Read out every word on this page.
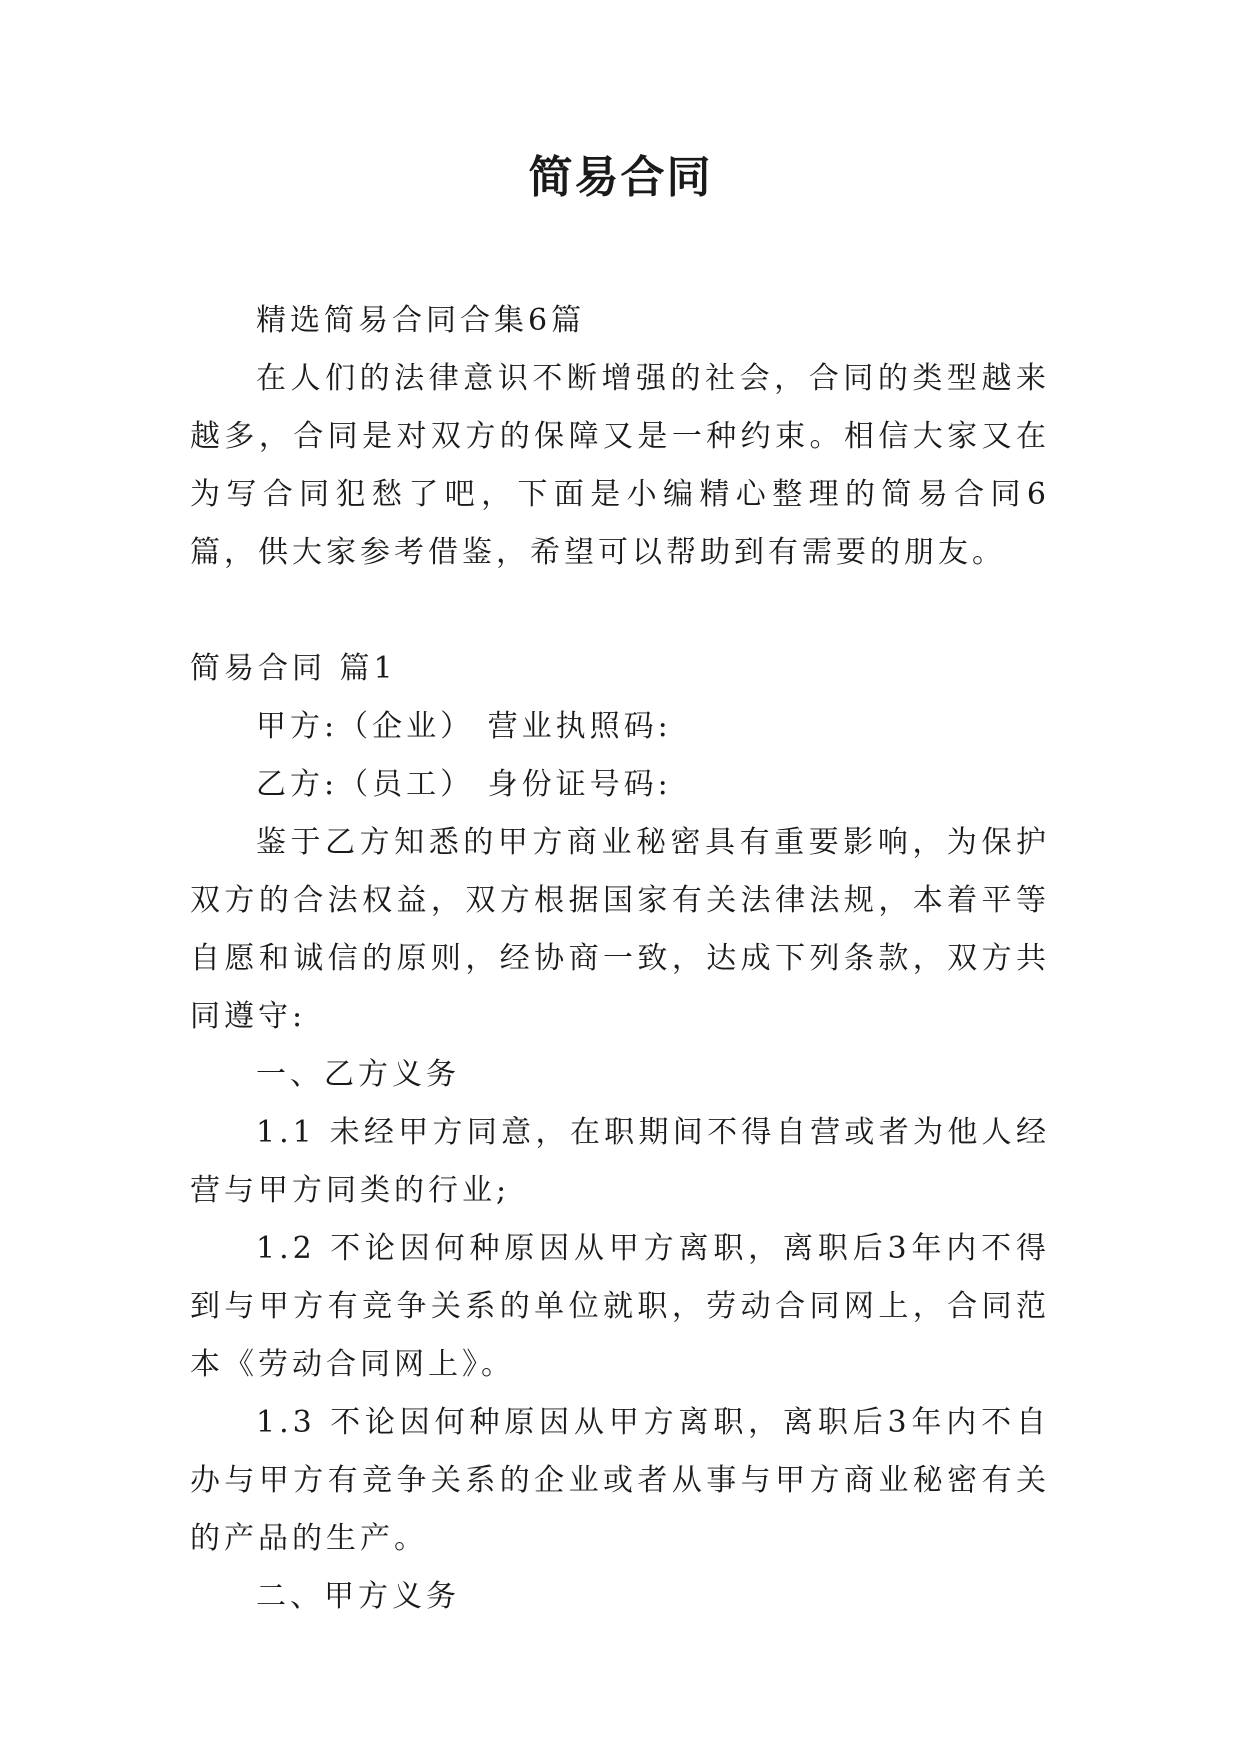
简易合同

精选简易合同合集6篇

在人们的法律意识不断增强的社会，合同的类型越来越多，合同是对双方的保障又是一种约束。相信大家又在为写合同犯愁了吧，下面是小编精心整理的简易合同6篇，供大家参考借鉴，希望可以帮助到有需要的朋友。

简易合同 篇1

甲方:（企业） 营业执照码:

乙方:（员工） 身份证号码:

鉴于乙方知悉的甲方商业秘密具有重要影响，为保护双方的合法权益，双方根据国家有关法律法规，本着平等自愿和诚信的原则，经协商一致，达成下列条款，双方共同遵守:

一、乙方义务

1.1 未经甲方同意，在职期间不得自营或者为他人经营与甲方同类的行业;

1.2 不论因何种原因从甲方离职，离职后3年内不得到与甲方有竞争关系的单位就职，劳动合同网上，合同范本《劳动合同网上》。

1.3 不论因何种原因从甲方离职，离职后3年内不自办与甲方有竞争关系的企业或者从事与甲方商业秘密有关的产品的生产。

二、甲方义务
